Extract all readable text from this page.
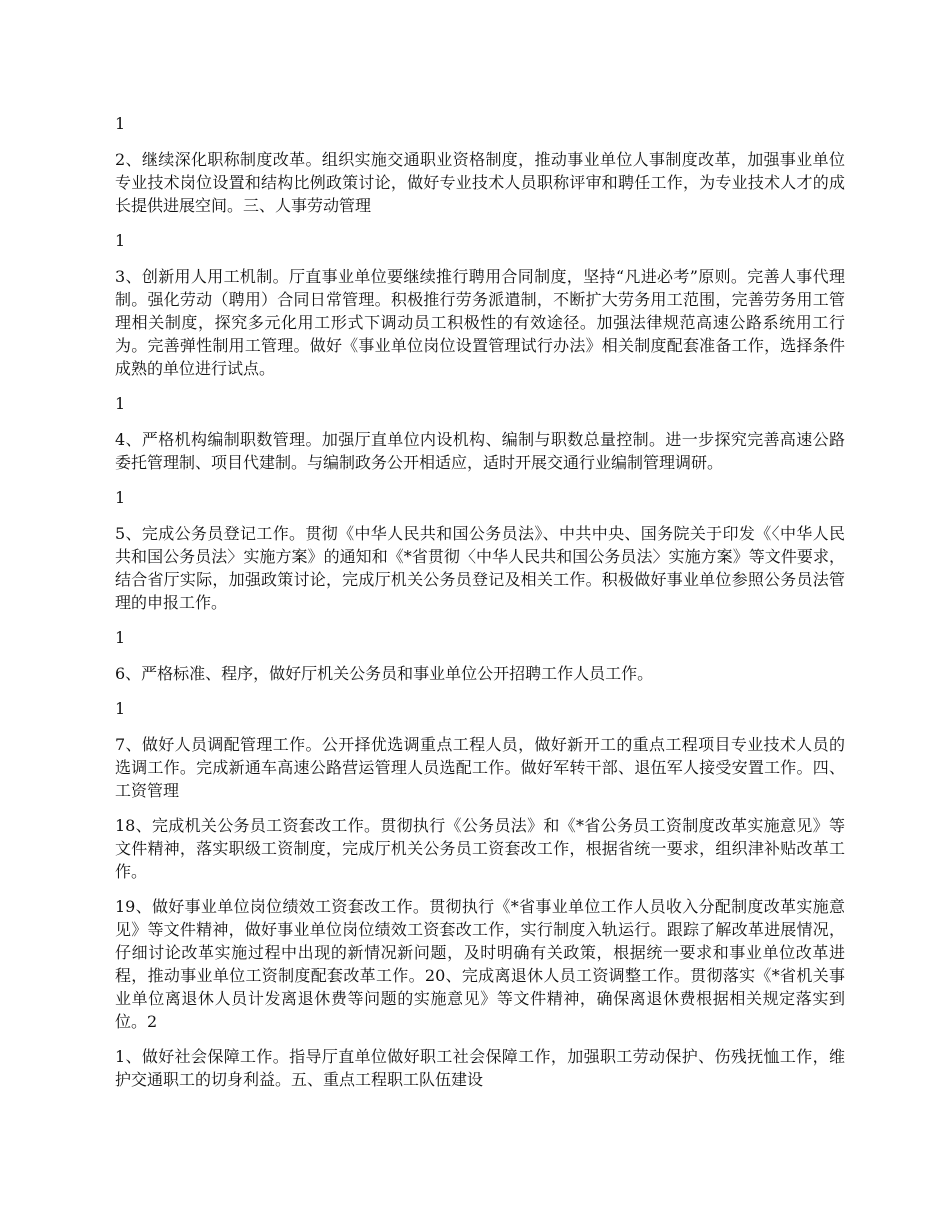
1

2、继续深化职称制度改革。组织实施交通职业资格制度，推动事业单位人事制度改革，加强事业单位专业技术岗位设置和结构比例政策讨论，做好专业技术人员职称评审和聘任工作，为专业技术人才的成长提供进展空间。三、人事劳动管理

1

3、创新用人用工机制。厅直事业单位要继续推行聘用合同制度，坚持“凡进必考”原则。完善人事代理制。强化劳动（聘用）合同日常管理。积极推行劳务派遣制，不断扩大劳务用工范围，完善劳务用工管理相关制度，探究多元化用工形式下调动员工积极性的有效途径。加强法律规范高速公路系统用工行为。完善弹性制用工管理。做好《事业单位岗位设置管理试行办法》相关制度配套准备工作，选择条件成熟的单位进行试点。

1

4、严格机构编制职数管理。加强厅直单位内设机构、编制与职数总量控制。进一步探究完善高速公路委托管理制、项目代建制。与编制政务公开相适应，适时开展交通行业编制管理调研。

1

5、完成公务员登记工作。贯彻《中华人民共和国公务员法》、中共中央、国务院关于印发《〈中华人民共和国公务员法〉实施方案》的通知和《*省贯彻〈中华人民共和国公务员法〉实施方案》等文件要求，结合省厅实际，加强政策讨论，完成厅机关公务员登记及相关工作。积极做好事业单位参照公务员法管理的申报工作。

1

6、严格标准、程序，做好厅机关公务员和事业单位公开招聘工作人员工作。

1

7、做好人员调配管理工作。公开择优选调重点工程人员，做好新开工的重点工程项目专业技术人员的选调工作。完成新通车高速公路营运管理人员选配工作。做好军转干部、退伍军人接受安置工作。四、工资管理

18、完成机关公务员工资套改工作。贯彻执行《公务员法》和《*省公务员工资制度改革实施意见》等文件精神，落实职级工资制度，完成厅机关公务员工资套改工作，根据省统一要求，组织津补贴改革工作。

19、做好事业单位岗位绩效工资套改工作。贯彻执行《*省事业单位工作人员收入分配制度改革实施意见》等文件精神，做好事业单位岗位绩效工资套改工作，实行制度入轨运行。跟踪了解改革进展情况，仔细讨论改革实施过程中出现的新情况新问题，及时明确有关政策，根据统一要求和事业单位改革进程，推动事业单位工资制度配套改革工作。20、完成离退休人员工资调整工作。贯彻落实《*省机关事业单位离退休人员计发离退休费等问题的实施意见》等文件精神，确保离退休费根据相关规定落实到位。2

1、做好社会保障工作。指导厅直单位做好职工社会保障工作，加强职工劳动保护、伤残抚恤工作，维护交通职工的切身利益。五、重点工程职工队伍建设
